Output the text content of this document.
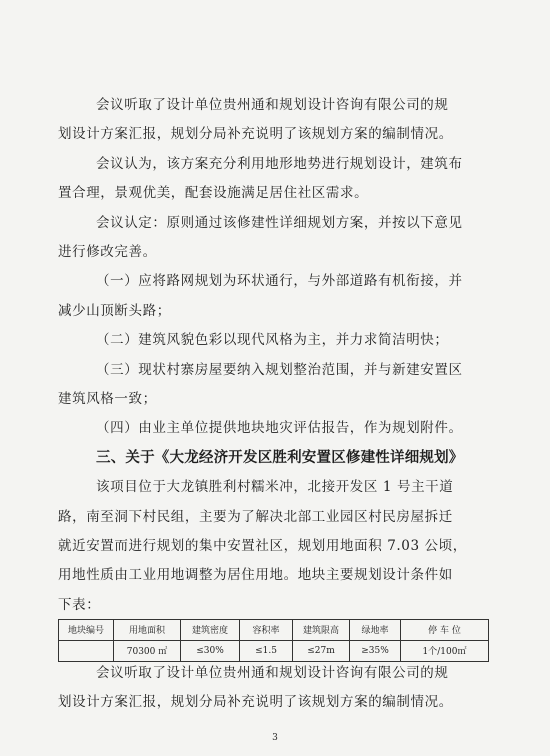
会议听取了设计单位贵州通和规划设计咨询有限公司的规
划设计方案汇报，规划分局补充说明了该规划方案的编制情况。
会议认为，该方案充分利用地形地势进行规划设计，建筑布
置合理，景观优美，配套设施满足居住社区需求。
会议认定：原则通过该修建性详细规划方案，并按以下意见
进行修改完善。
（一）应将路网规划为环状通行，与外部道路有机衔接，并
减少山顶断头路；
（二）建筑风貌色彩以现代风格为主，并力求简洁明快；
（三）现状村寨房屋要纳入规划整治范围，并与新建安置区
建筑风格一致；
（四）由业主单位提供地块地灾评估报告，作为规划附件。
三、关于《大龙经济开发区胜利安置区修建性详细规划》
该项目位于大龙镇胜利村糯米冲，北接开发区 1 号主干道
路，南至洞下村民组，主要为了解决北部工业园区村民房屋拆迁
就近安置而进行规划的集中安置社区，规划用地面积 7.03 公顷，
地块编号	用地面积	建筑密度	容积率	建筑限高	绿地率	停 车 位
	70300 ㎡	≤30%	≤1.5	≤27m	≥35%	1个/100㎡
会议听取了设计单位贵州通和规划设计咨询有限公司的规
划设计方案汇报，规划分局补充说明了该规划方案的编制情况。
3
用地性质由工业用地调整为居住用地。地块主要规划设计条件如
下表：
